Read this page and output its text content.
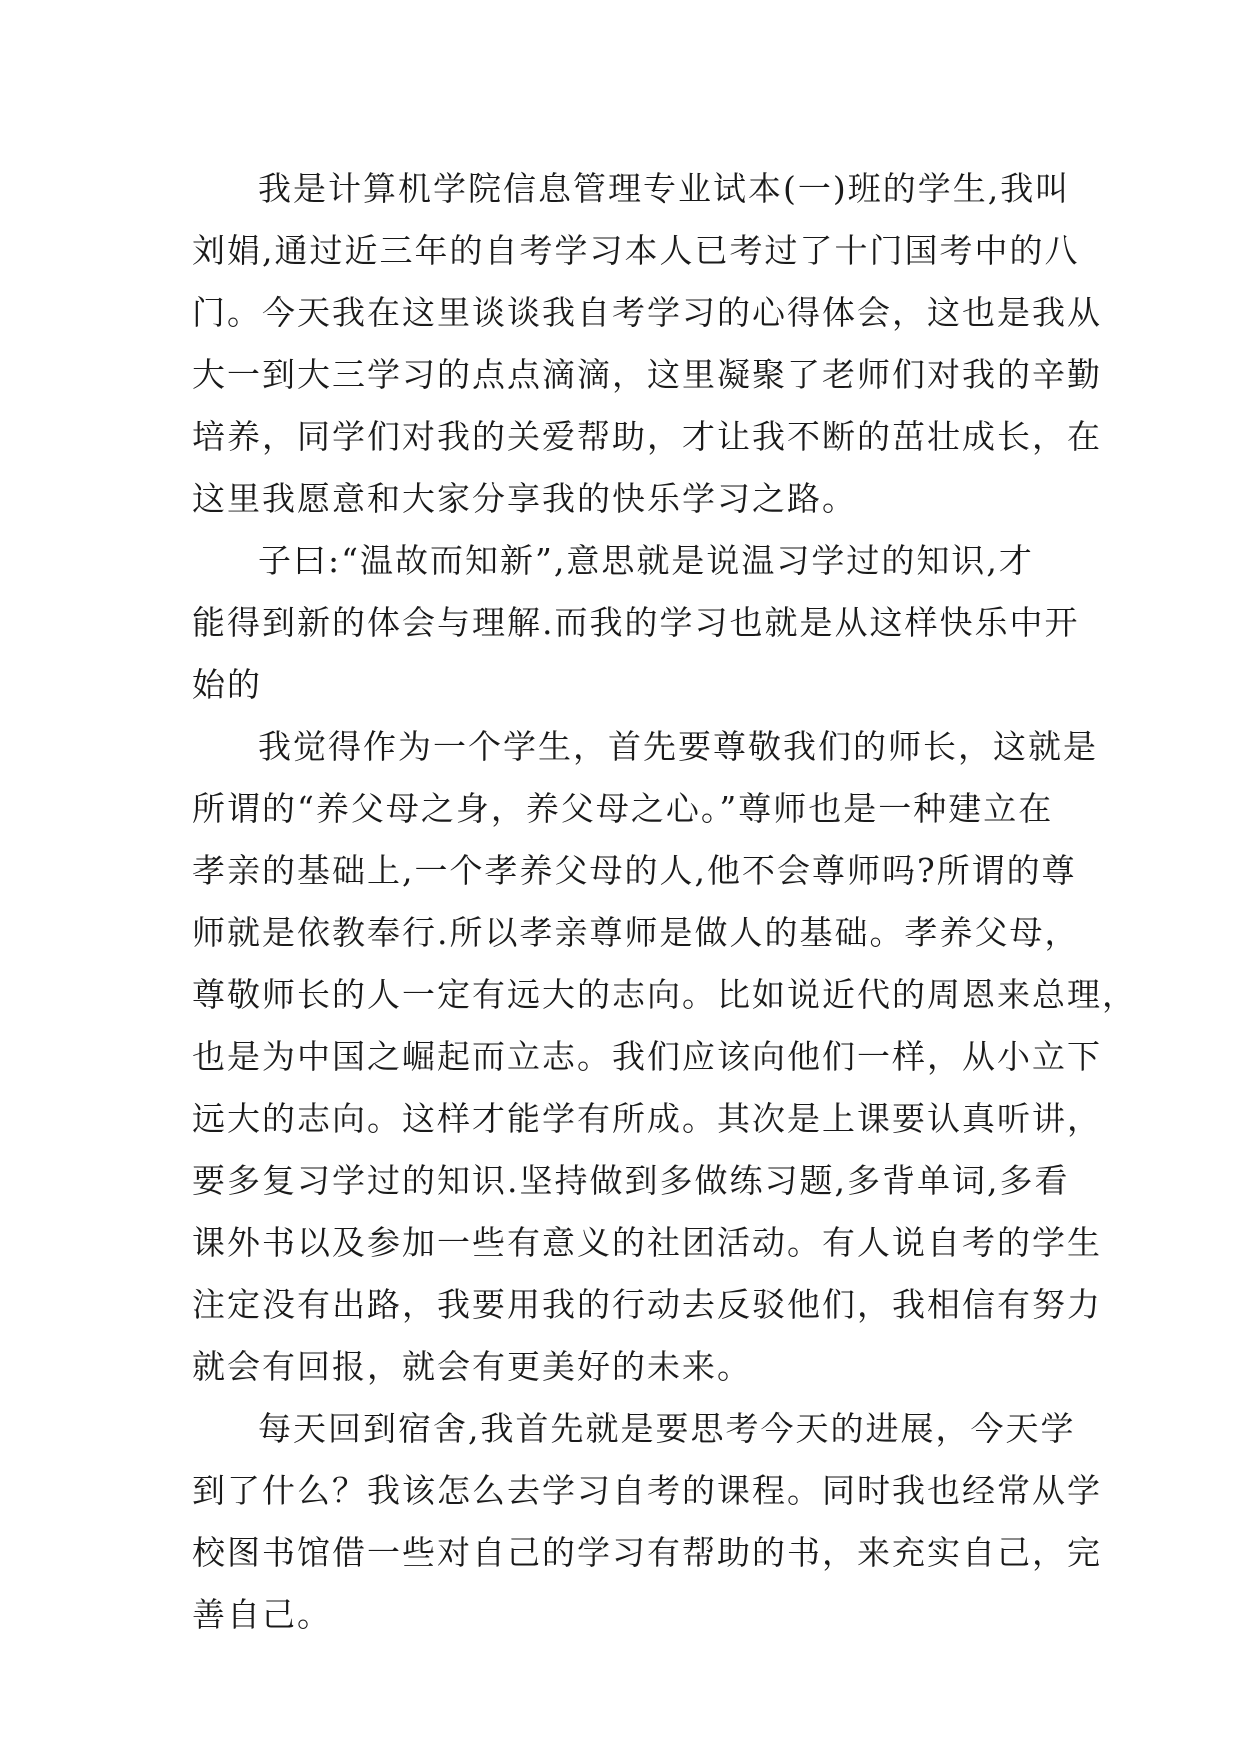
我是计算机学院信息管理专业试本(一)班的学生,我叫
刘娟,通过近三年的自考学习本人已考过了十门国考中的八
门。今天我在这里谈谈我自考学习的心得体会，这也是我从
大一到大三学习的点点滴滴，这里凝聚了老师们对我的辛勤
培养，同学们对我的关爱帮助，才让我不断的茁壮成长，在
这里我愿意和大家分享我的快乐学习之路。

子曰:“温故而知新”,意思就是说温习学过的知识,才
能得到新的体会与理解.而我的学习也就是从这样快乐中开
始的

我觉得作为一个学生，首先要尊敬我们的师长，这就是
所谓的“养父母之身，养父母之心。”尊师也是一种建立在
孝亲的基础上,一个孝养父母的人,他不会尊师吗?所谓的尊
师就是依教奉行.所以孝亲尊师是做人的基础。孝养父母，
尊敬师长的人一定有远大的志向。比如说近代的周恩来总理，
也是为中国之崛起而立志。我们应该向他们一样，从小立下
远大的志向。这样才能学有所成。其次是上课要认真听讲，
要多复习学过的知识.坚持做到多做练习题,多背单词,多看
课外书以及参加一些有意义的社团活动。有人说自考的学生
注定没有出路，我要用我的行动去反驳他们，我相信有努力
就会有回报，就会有更美好的未来。

每天回到宿舍,我首先就是要思考今天的进展，今天学
到了什么？我该怎么去学习自考的课程。同时我也经常从学
校图书馆借一些对自己的学习有帮助的书，来充实自己，完
善自己。
